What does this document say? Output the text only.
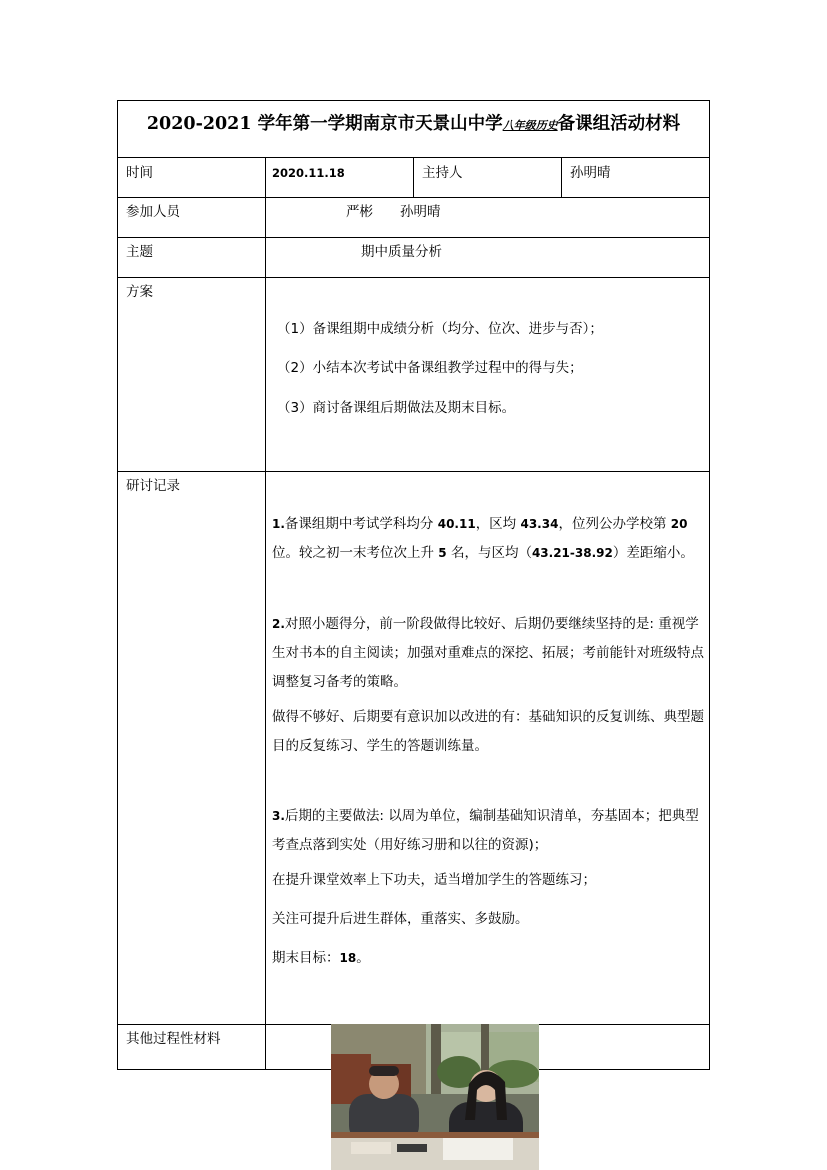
2020-2021 学年第一学期南京市天景山中学八年级历史备课组活动材料
时间	2020.11.18	主持人	孙明晴
参加人员	严彬　　孙明晴
主题	期中质量分析
方案
（1）备课组期中成绩分析（均分、位次、进步与否）；
（2）小结本次考试中备课组教学过程中的得与失；
（3）商讨备课组后期做法及期末目标。
研讨记录
1.备课组期中考试学科均分 40.11，区均 43.34，位列公办学校第 20位。较之初一末考位次上升 5 名，与区均（43.21-38.92）差距缩小。
2.对照小题得分，前一阶段做得比较好、后期仍要继续坚持的是: 重视学生对书本的自主阅读；加强对重难点的深挖、拓展；考前能针对班级特点调整复习备考的策略。
做得不够好、后期要有意识加以改进的有：基础知识的反复训练、典型题目的反复练习、学生的答题训练量。
3.后期的主要做法: 以周为单位，编制基础知识清单，夯基固本；把典型考查点落到实处（用好练习册和以往的资源)；
在提升课堂效率上下功夫，适当增加学生的答题练习；
关注可提升后进生群体，重落实、多鼓励。
期末目标：18。
其他过程性材料
